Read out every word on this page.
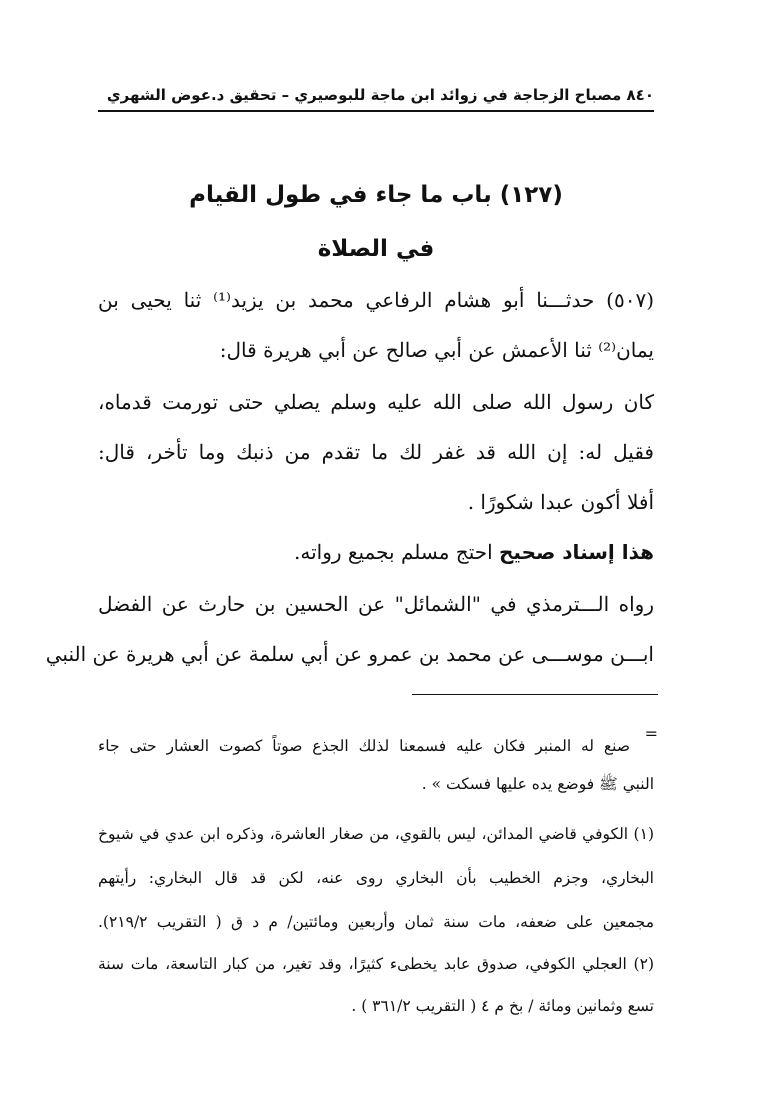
٨٤٠ مصباح الزجاجة في زوائد ابن ماجة للبوصيري – تحقيق د.عوض الشهري
(١٢٧) باب ما جاء في طول القيام
في الصلاة
(٥٠٧) حدثـــنا أبو هشام الرفاعي محمد بن يزيد⁽¹⁾ ثنا يحيى بن
يمان⁽²⁾ ثنا الأعمش عن أبي صالح عن أبي هريرة قال:
كان رسول الله صلى الله عليه وسلم يصلي حتى تورمت قدماه،
فقيل له: إن الله قد غفر لك ما تقدم من ذنبك وما تأخر، قال:
أفلا أكون عبدا شكورًا .
هذا إسناد صحيح احتج مسلم بجميع رواته.
رواه الـــترمذي في "الشمائل" عن الحسين بن حارث عن الفضل
ابـــن موســـى عن محمد بن عمرو عن أبي سلمة عن أبي هريرة عن النبي
=
صنع له المنبر فكان عليه فسمعنا لذلك الجذع صوتاً كصوت العشار حتى جاء
النبي ﷺ فوضع يده عليها فسكت » .
(١) الكوفي قاضي المدائن، ليس بالقوي، من صغار العاشرة، وذكره ابن عدي في شيوخ
البخاري، وجزم الخطيب بأن البخاري روى عنه، لكن قد قال البخاري: رأيتهم
مجمعين على ضعفه، مات سنة ثمان وأربعين ومائتين/ م د ق ( التقريب ٢١٩/٢).
(٢) العجلي الكوفي، صدوق عابد يخطىء كثيرًا، وقد تغير، من كبار التاسعة، مات سنة
تسع وثمانين ومائة / بخ م ٤ ( التقريب ٣٦١/٢ ) .
